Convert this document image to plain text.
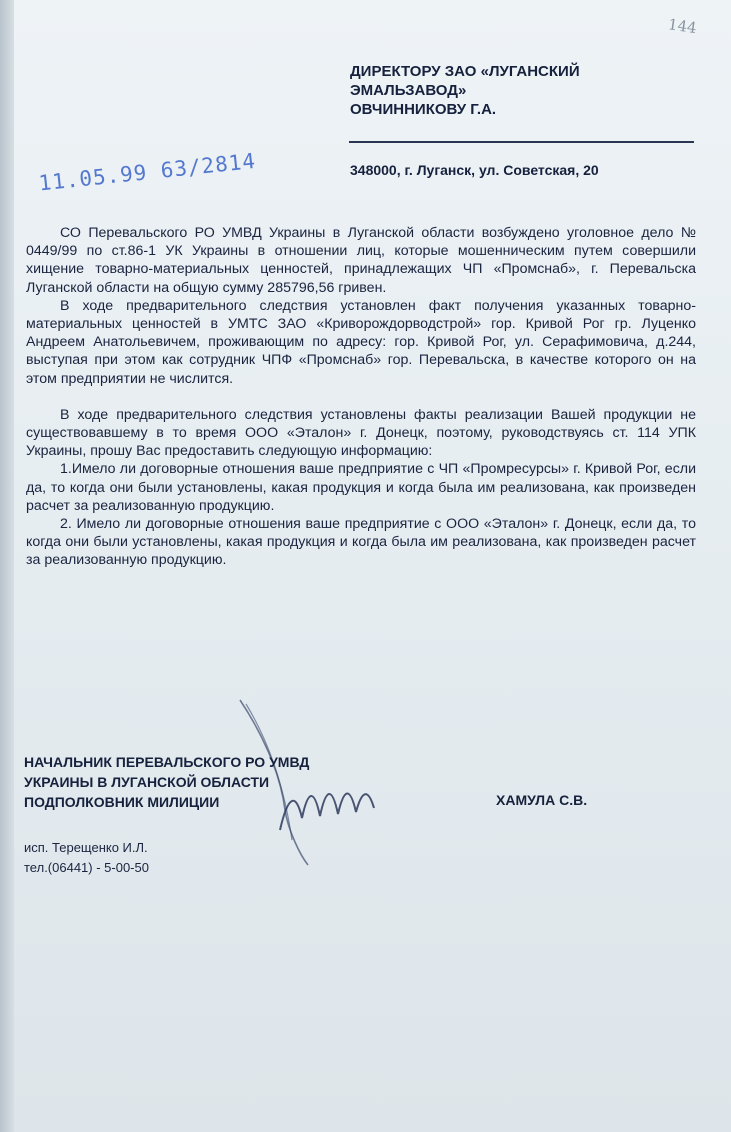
144
ДИРЕКТОРУ ЗАО «ЛУГАНСКИЙ
ЭМАЛЬЗАВОД»
ОВЧИННИКОВУ Г.А.
348000, г. Луганск, ул. Советская, 20
11.05.99 63/2814

СО Перевальского РО УМВД Украины в Луганской области возбуждено уголовное дело № 0449/99 по ст.86-1 УК Украины в отношении лиц, которые мошенническим путем совершили хищение товарно-материальных ценностей, принадлежащих ЧП «Промснаб», г. Перевальска Луганской области на общую сумму 285796,56 гривен.

В ходе предварительного следствия установлен факт получения указанных товарно-материальных ценностей в УМТС ЗАО «Криворождорводстрой» гор. Кривой Рог гр. Луценко Андреем Анатольевичем, проживающим по адресу: гор. Кривой Рог, ул. Серафимовича, д.244, выступая при этом как сотрудник ЧПФ «Промснаб» гор. Перевальска, в качестве которого он на этом предприятии не числится.

В ходе предварительного следствия установлены факты реализации Вашей продукции не существовавшему в то время ООО «Эталон» г. Донецк, поэтому, руководствуясь ст. 114 УПК Украины, прошу Вас предоставить следующую информацию:

1.Имело ли договорные отношения ваше предприятие с ЧП «Промресурсы» г. Кривой Рог, если да, то когда они были установлены, какая продукция и когда была им реализована, как произведен расчет за реализованную продукцию.
2. Имело ли договорные отношения ваше предприятие с ООО «Эталон» г. Донецк, если да, то когда они были установлены, какая продукция и когда была им реализована, как произведен расчет за реализованную продукцию.
НАЧАЛЬНИК ПЕРЕВАЛЬСКОГО РО УМВД
УКРАИНЫ В ЛУГАНСКОЙ ОБЛАСТИ
ПОДПОЛКОВНИК МИЛИЦИИ	ХАМУЛА С.В.
исп. Терещенко И.Л.
тел.(06441) - 5-00-50
